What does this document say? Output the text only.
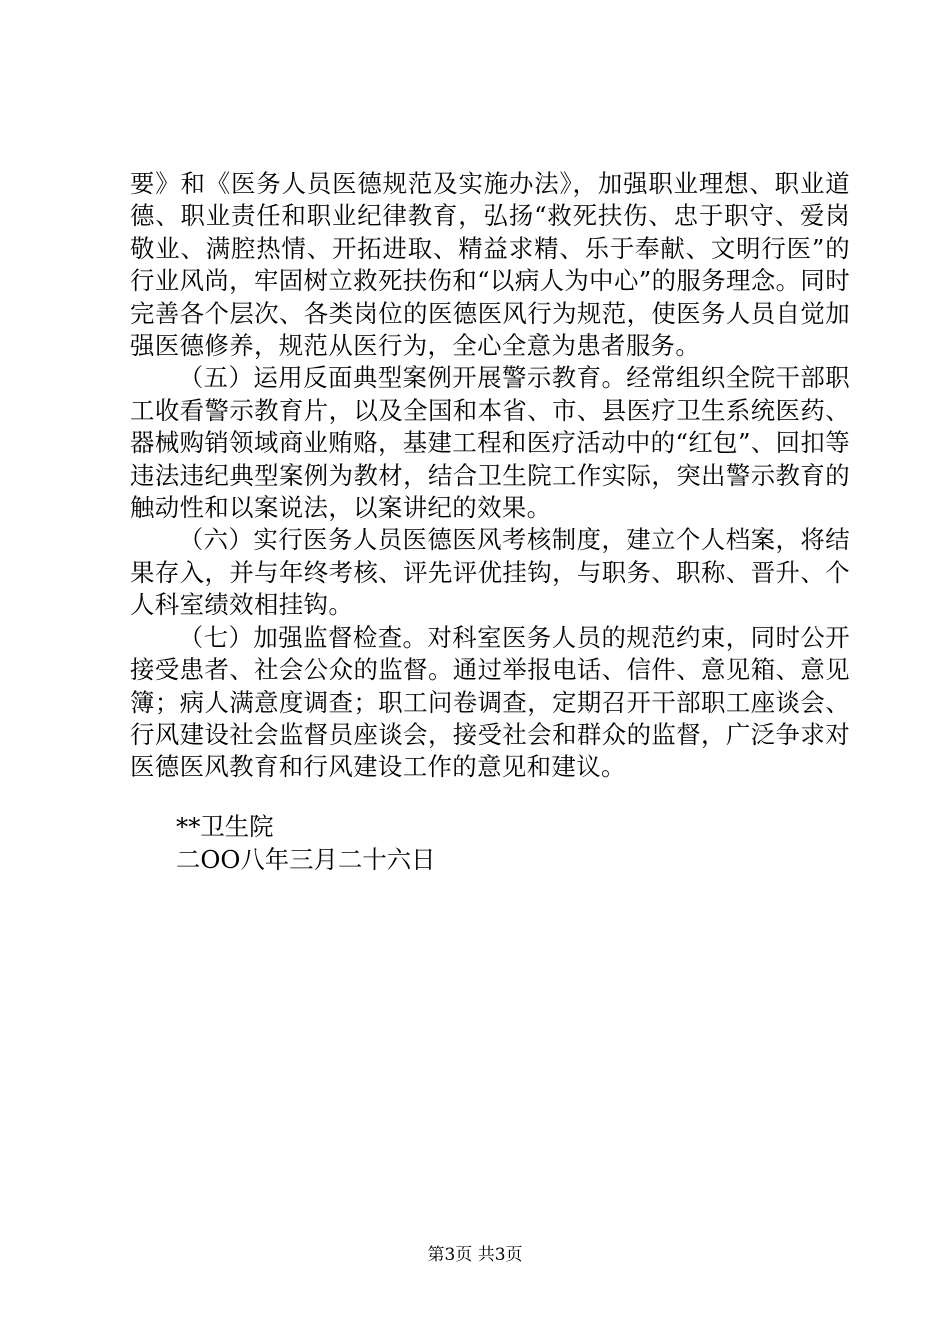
要》和《医务人员医德规范及实施办法》，加强职业理想、职业道德、职业责任和职业纪律教育，弘扬“救死扶伤、忠于职守、爱岗敬业、满腔热情、开拓进取、精益求精、乐于奉献、文明行医”的行业风尚，牢固树立救死扶伤和“以病人为中心”的服务理念。同时完善各个层次、各类岗位的医德医风行为规范，使医务人员自觉加强医德修养，规范从医行为，全心全意为患者服务。

（五）运用反面典型案例开展警示教育。经常组织全院干部职工收看警示教育片，以及全国和本省、市、县医疗卫生系统医药、器械购销领域商业贿赂，基建工程和医疗活动中的“红包”、回扣等违法违纪典型案例为教材，结合卫生院工作实际，突出警示教育的触动性和以案说法，以案讲纪的效果。

（六）实行医务人员医德医风考核制度，建立个人档案，将结果存入，并与年终考核、评先评优挂钩，与职务、职称、晋升、个人科室绩效相挂钩。

（七）加强监督检查。对科室医务人员的规范约束，同时公开接受患者、社会公众的监督。通过举报电话、信件、意见箱、意见簿；病人满意度调查；职工问卷调查，定期召开干部职工座谈会、行风建设社会监督员座谈会，接受社会和群众的监督，广泛争求对医德医风教育和行风建设工作的意见和建议。

**卫生院
二OO八年三月二十六日
第3页 共3页
